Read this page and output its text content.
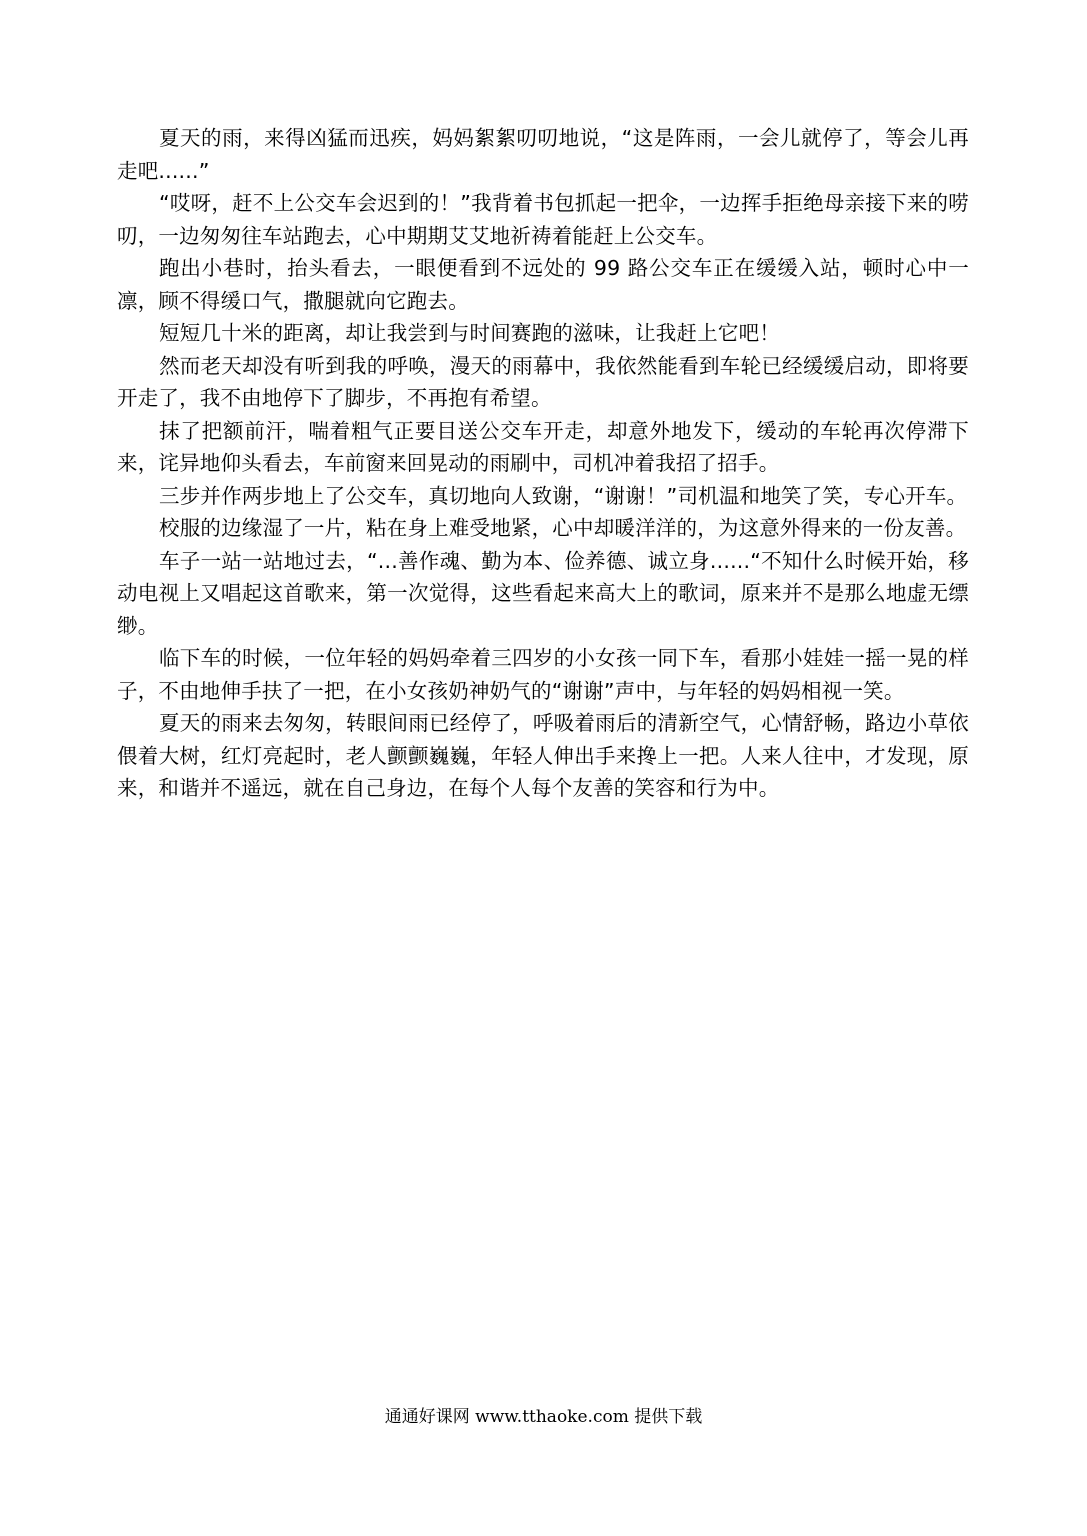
夏天的雨，来得凶猛而迅疾，妈妈絮絮叨叨地说，“这是阵雨，一会儿就停了，等会儿再走吧......”

“哎呀，赶不上公交车会迟到的！”我背着书包抓起一把伞，一边挥手拒绝母亲接下来的唠叨，一边匆匆往车站跑去，心中期期艾艾地祈祷着能赶上公交车。

跑出小巷时，抬头看去，一眼便看到不远处的 99 路公交车正在缓缓入站，顿时心中一凛，顾不得缓口气，撒腿就向它跑去。

短短几十米的距离，却让我尝到与时间赛跑的滋味，让我赶上它吧！

然而老天却没有听到我的呼唤，漫天的雨幕中，我依然能看到车轮已经缓缓启动，即将要开走了，我不由地停下了脚步，不再抱有希望。

抹了把额前汗，喘着粗气正要目送公交车开走，却意外地发下，缓动的车轮再次停滞下来，诧异地仰头看去，车前窗来回晃动的雨刷中，司机冲着我招了招手。

三步并作两步地上了公交车，真切地向人致谢，“谢谢！”司机温和地笑了笑，专心开车。

校服的边缘湿了一片，粘在身上难受地紧，心中却暖洋洋的，为这意外得来的一份友善。

车子一站一站地过去，“...善作魂、勤为本、俭养德、诚立身......“不知什么时候开始，移动电视上又唱起这首歌来，第一次觉得，这些看起来高大上的歌词，原来并不是那么地虚无缥缈。

临下车的时候，一位年轻的妈妈牵着三四岁的小女孩一同下车，看那小娃娃一摇一晃的样子，不由地伸手扶了一把，在小女孩奶神奶气的“谢谢”声中，与年轻的妈妈相视一笑。

夏天的雨来去匆匆，转眼间雨已经停了，呼吸着雨后的清新空气，心情舒畅，路边小草依偎着大树，红灯亮起时，老人颤颤巍巍，年轻人伸出手来搀上一把。人来人往中，才发现，原来，和谐并不遥远，就在自己身边，在每个人每个友善的笑容和行为中。

通通好课网 www.tthaoke.com 提供下载
